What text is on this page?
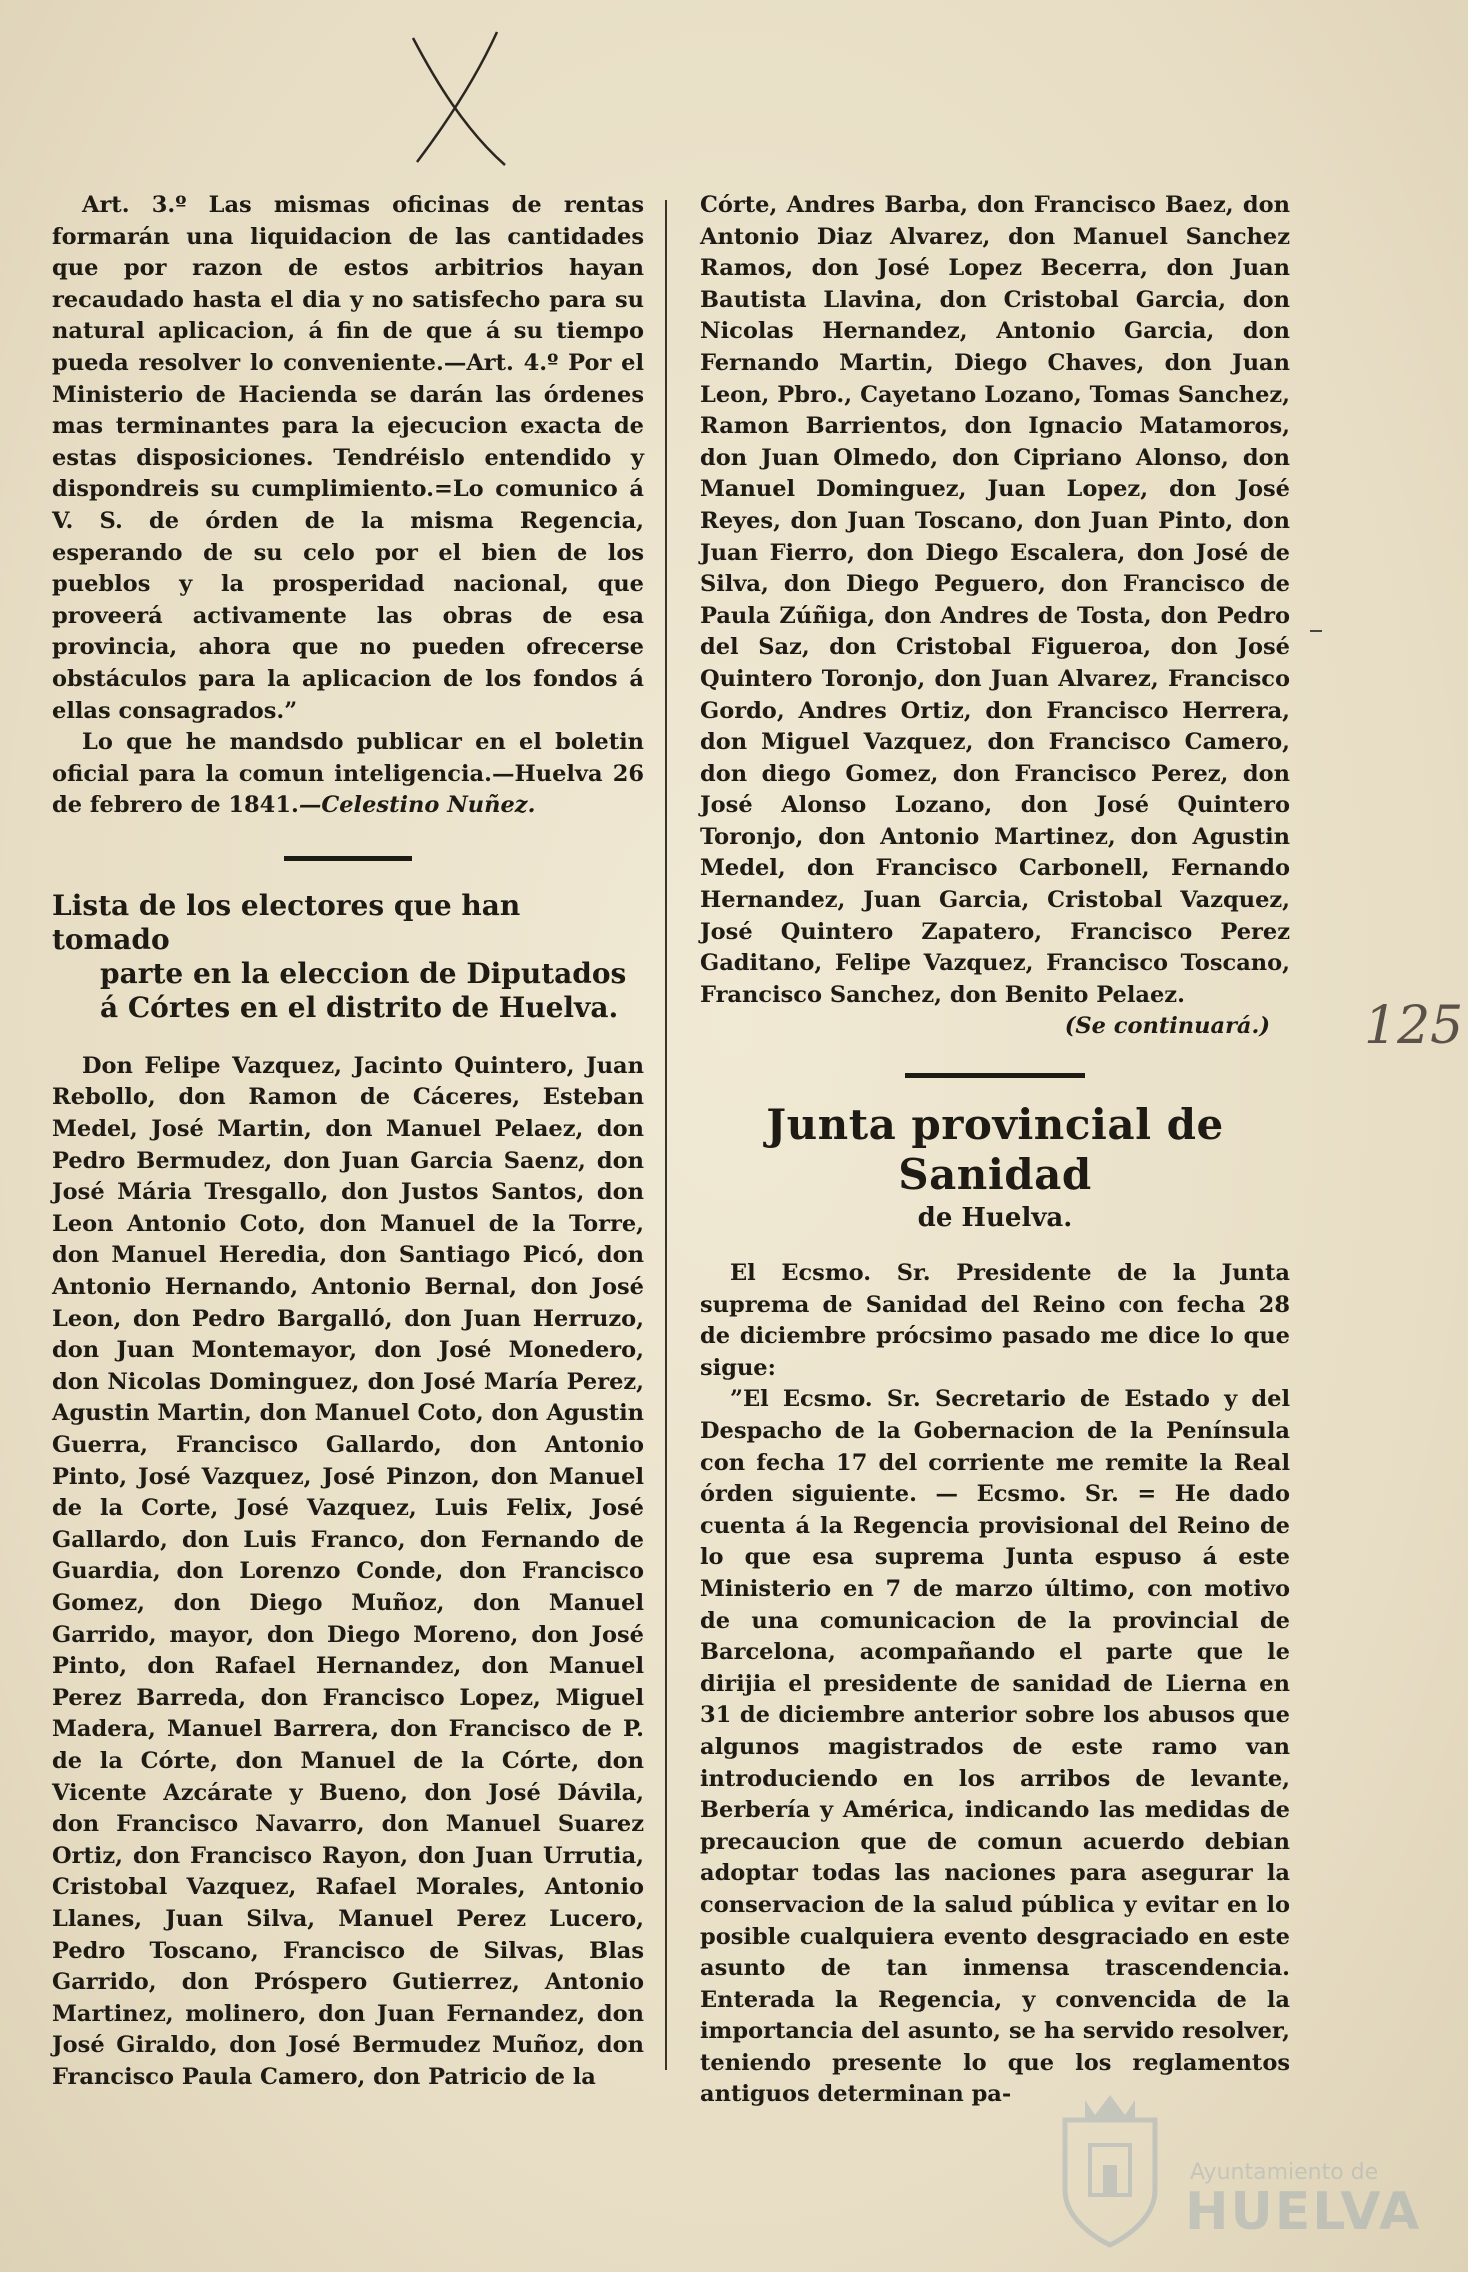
Art. 3.º Las mismas oficinas de rentas formarán una liquidacion de las cantidades que por razon de estos arbitrios hayan recaudado hasta el dia y no satisfecho para su natural aplicacion, á fin de que á su tiempo pueda resolver lo conveniente.—Art. 4.º Por el Ministerio de Hacienda se darán las órdenes mas terminantes para la ejecucion exacta de estas disposiciones. Tendréislo entendido y dispondreis su cumplimiento.=Lo comunico á V. S. de órden de la misma Regencia, esperando de su celo por el bien de los pueblos y la prosperidad nacional, que proveerá activamente las obras de esa provincia, ahora que no pueden ofrecerse obstáculos para la aplicacion de los fondos á ellas consagrados.”

Lo que he mandsdo publicar en el boletin oficial para la comun inteligencia.—Huelva 26 de febrero de 1841.—Celestino Nuñez.

Lista de los electores que han tomado
parte en la eleccion de Diputados á Córtes en el distrito de Huelva.

Don Felipe Vazquez, Jacinto Quintero, Juan Rebollo, don Ramon de Cáceres, Esteban Medel, José Martin, don Manuel Pelaez, don Pedro Bermudez, don Juan Garcia Saenz, don José Mária Tresgallo, don Justos Santos, don Leon Antonio Coto, don Manuel de la Torre, don Manuel Heredia, don Santiago Picó, don Antonio Hernando, Antonio Bernal, don José Leon, don Pedro Bargalló, don Juan Herruzo, don Juan Montemayor, don José Monedero, don Nicolas Dominguez, don José María Perez, Agustin Martin, don Manuel Coto, don Agustin Guerra, Francisco Gallardo, don Antonio Pinto, José Vazquez, José Pinzon, don Manuel de la Corte, José Vazquez, Luis Felix, José Gallardo, don Luis Franco, don Fernando de Guardia, don Lorenzo Conde, don Francisco Gomez, don Diego Muñoz, don Manuel Garrido, mayor, don Diego Moreno, don José Pinto, don Rafael Hernandez, don Manuel Perez Barreda, don Francisco Lopez, Miguel Madera, Manuel Barrera, don Francisco de P. de la Córte, don Manuel de la Córte, don Vicente Azcárate y Bueno, don José Dávila, don Francisco Navarro, don Manuel Suarez Ortiz, don Francisco Rayon, don Juan Urrutia, Cristobal Vazquez, Rafael Morales, Antonio Llanes, Juan Silva, Manuel Perez Lucero, Pedro Toscano, Francisco de Silvas, Blas Garrido, don Próspero Gutierrez, Antonio Martinez, molinero, don Juan Fernandez, don José Giraldo, don José Bermudez Muñoz, don Francisco Paula Camero, don Patricio de la

Córte, Andres Barba, don Francisco Baez, don Antonio Diaz Alvarez, don Manuel Sanchez Ramos, don José Lopez Becerra, don Juan Bautista Llavina, don Cristobal Garcia, don Nicolas Hernandez, Antonio Garcia, don Fernando Martin, Diego Chaves, don Juan Leon, Pbro., Cayetano Lozano, Tomas Sanchez, Ramon Barrientos, don Ignacio Matamoros, don Juan Olmedo, don Cipriano Alonso, don Manuel Dominguez, Juan Lopez, don José Reyes, don Juan Toscano, don Juan Pinto, don Juan Fierro, don Diego Escalera, don José de Silva, don Diego Peguero, don Francisco de Paula Zúñiga, don Andres de Tosta, don Pedro del Saz, don Cristobal Figueroa, don José Quintero Toronjo, don Juan Alvarez, Francisco Gordo, Andres Ortiz, don Francisco Herrera, don Miguel Vazquez, don Francisco Camero, don diego Gomez, don Francisco Perez, don José Alonso Lozano, don José Quintero Toronjo, don Antonio Martinez, don Agustin Medel, don Francisco Carbonell, Fernando Hernandez, Juan Garcia, Cristobal Vazquez, José Quintero Zapatero, Francisco Perez Gaditano, Felipe Vazquez, Francisco Toscano, Francisco Sanchez, don Benito Pelaez.

(Se continuará.)

Junta provincial de Sanidad
de Huelva.

El Ecsmo. Sr. Presidente de la Junta suprema de Sanidad del Reino con fecha 28 de diciembre prócsimo pasado me dice lo que sigue:

”El Ecsmo. Sr. Secretario de Estado y del Despacho de la Gobernacion de la Península con fecha 17 del corriente me remite la Real órden siguiente. — Ecsmo. Sr. = He dado cuenta á la Regencia provisional del Reino de lo que esa suprema Junta espuso á este Ministerio en 7 de marzo último, con motivo de una comunicacion de la provincial de Barcelona, acompañando el parte que le dirijia el presidente de sanidad de Lierna en 31 de diciembre anterior sobre los abusos que algunos magistrados de este ramo van introduciendo en los arribos de levante, Berbería y América, indicando las medidas de precaucion que de comun acuerdo debian adoptar todas las naciones para asegurar la conservacion de la salud pública y evitar en lo posible cualquiera evento desgraciado en este asunto de tan inmensa trascendencia. Enterada la Regencia, y convencida de la importancia del asunto, se ha servido resolver, teniendo presente lo que los reglamentos antiguos determinan pa-

125
Ayuntamiento de
HUELVA
